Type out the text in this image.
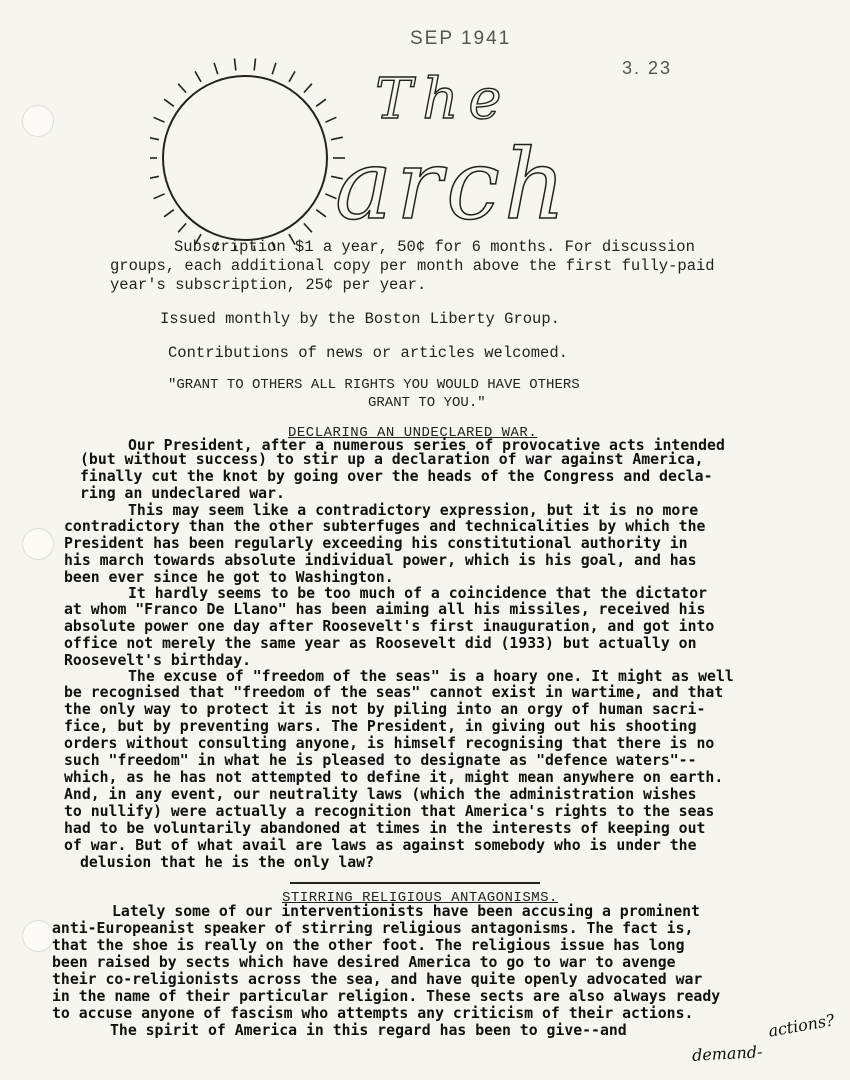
SEP 1941
3. 23
The
arch
Subscription $1 a year, 50¢ for 6 months. For discussion
groups, each additional copy per month above the first fully-paid
year's subscription, 25¢ per year.
Issued monthly by the Boston Liberty Group.
Contributions of news or articles welcomed.
"GRANT TO OTHERS ALL RIGHTS YOU WOULD HAVE OTHERS
GRANT TO YOU."
DECLARING AN UNDECLARED WAR.
Our President, after a numerous series of provocative acts intended
(but without success) to stir up a declaration of war against America,
finally cut the knot by going over the heads of the Congress and decla-
ring an undeclared war.
This may seem like a contradictory expression, but it is no more
contradictory than the other subterfuges and technicalities by which the
President has been regularly exceeding his constitutional authority in
his march towards absolute individual power, which is his goal, and has
been ever since he got to Washington.
It hardly seems to be too much of a coincidence that the dictator
at whom "Franco De Llano" has been aiming all his missiles, received his
absolute power one day after Roosevelt's first inauguration, and got into
office not merely the same year as Roosevelt did (1933) but actually on
Roosevelt's birthday.
The excuse of "freedom of the seas" is a hoary one. It might as well
be recognised that "freedom of the seas" cannot exist in wartime, and that
the only way to protect it is not by piling into an orgy of human sacri-
fice, but by preventing wars. The President, in giving out his shooting
orders without consulting anyone, is himself recognising that there is no
such "freedom" in what he is pleased to designate as "defence waters"--
which, as he has not attempted to define it, might mean anywhere on earth.
And, in any event, our neutrality laws (which the administration wishes
to nullify) were actually a recognition that America's rights to the seas
had to be voluntarily abandoned at times in the interests of keeping out
of war. But of what avail are laws as against somebody who is under the
delusion that he is the only law?
STIRRING RELIGIOUS ANTAGONISMS.
Lately some of our interventionists have been accusing a prominent
anti-Europeanist speaker of stirring religious antagonisms. The fact is,
that the shoe is really on the other foot. The religious issue has long
been raised by sects which have desired America to go to war to avenge
their co-religionists across the sea, and have quite openly advocated war
in the name of their particular religion. These sects are also always ready
to accuse anyone of fascism who attempts any criticism of their actions.
The spirit of America in this regard has been to give--and	actions?
demand-
